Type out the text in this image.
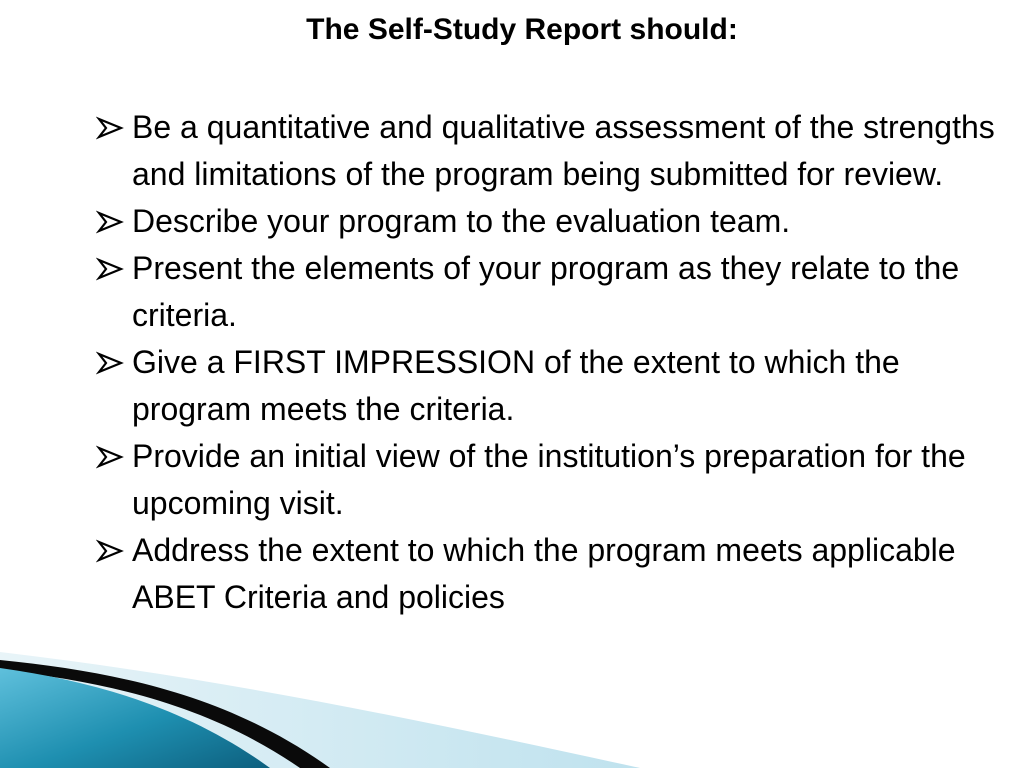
The Self-Study Report should:
Be a quantitative and qualitative assessment of the strengths and limitations of the program being submitted for review.
Describe your program to the evaluation team.
Present the elements of your program as they relate to the criteria.
Give a FIRST IMPRESSION of the extent to which the program meets the criteria.
Provide an initial view of the institution’s preparation for the upcoming visit.
Address the extent to which the program meets applicable ABET Criteria and policies
